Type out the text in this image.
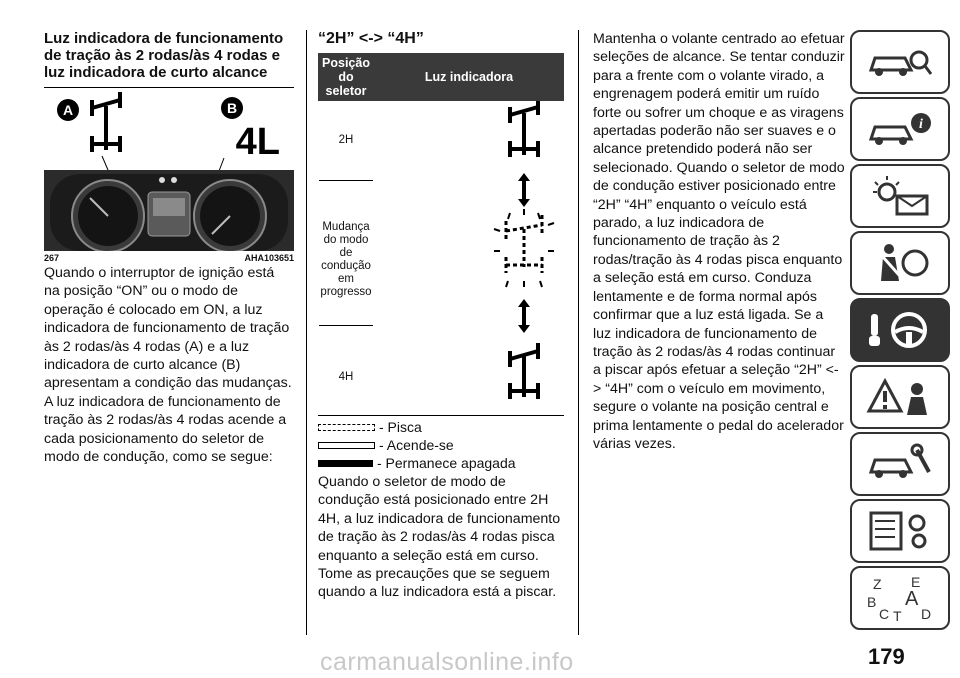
Luz indicadora de funcionamento de tração às 2 rodas/às 4 rodas e luz indicadora de curto alcance
A	B
4L
267	AHA103651
Quando o interruptor de ignição está na posição “ON” ou o modo de operação é colocado em ON, a luz indicadora de funcionamento de tração às 2 rodas/às 4 rodas (A) e a luz indicadora de curto alcance (B) apresentam a condição das mudanças. A luz indicadora de funcionamento de tração às 2 rodas/às 4 rodas acende a cada posicionamento do seletor de modo de condução, como se segue:
“2H” <-> “4H”
Posição do seletor	Luz indicadora
2H	

Mudança do modo de condução em progresso	

4H	
- Pisca
- Acende-se
- Permanece apagada
Quando o seletor de modo de condução está posicionado entre 2H 4H, a luz indicadora de funcionamento de tração às 2 rodas/às 4 rodas pisca enquanto a seleção está em curso. Tome as precauções que se seguem quando a luz indicadora está a piscar.
Mantenha o volante centrado ao efetuar seleções de alcance. Se tentar conduzir para a frente com o volante virado, a engrenagem poderá emitir um ruído forte ou sofrer um choque e as viragens apertadas poderão não ser suaves e o alcance pretendido poderá não ser selecionado. Quando o seletor de modo de condução estiver posicionado entre “2H” “4H” enquanto o veículo está parado, a luz indicadora de funcionamento de tração às 2 rodas/tração às 4 rodas pisca enquanto a seleção está em curso. Conduza lentamente e de forma normal após confirmar que a luz está ligada. Se a luz indicadora de funcionamento de tração às 2 rodas/às 4 rodas continuar a piscar após efetuar a seleção “2H” <-> “4H” com o veículo em movimento, segure o volante na posição central e prima lentamente o pedal do acelerador várias vezes.
i
Z E
B A
C T D
179
carmanualsonline.info
